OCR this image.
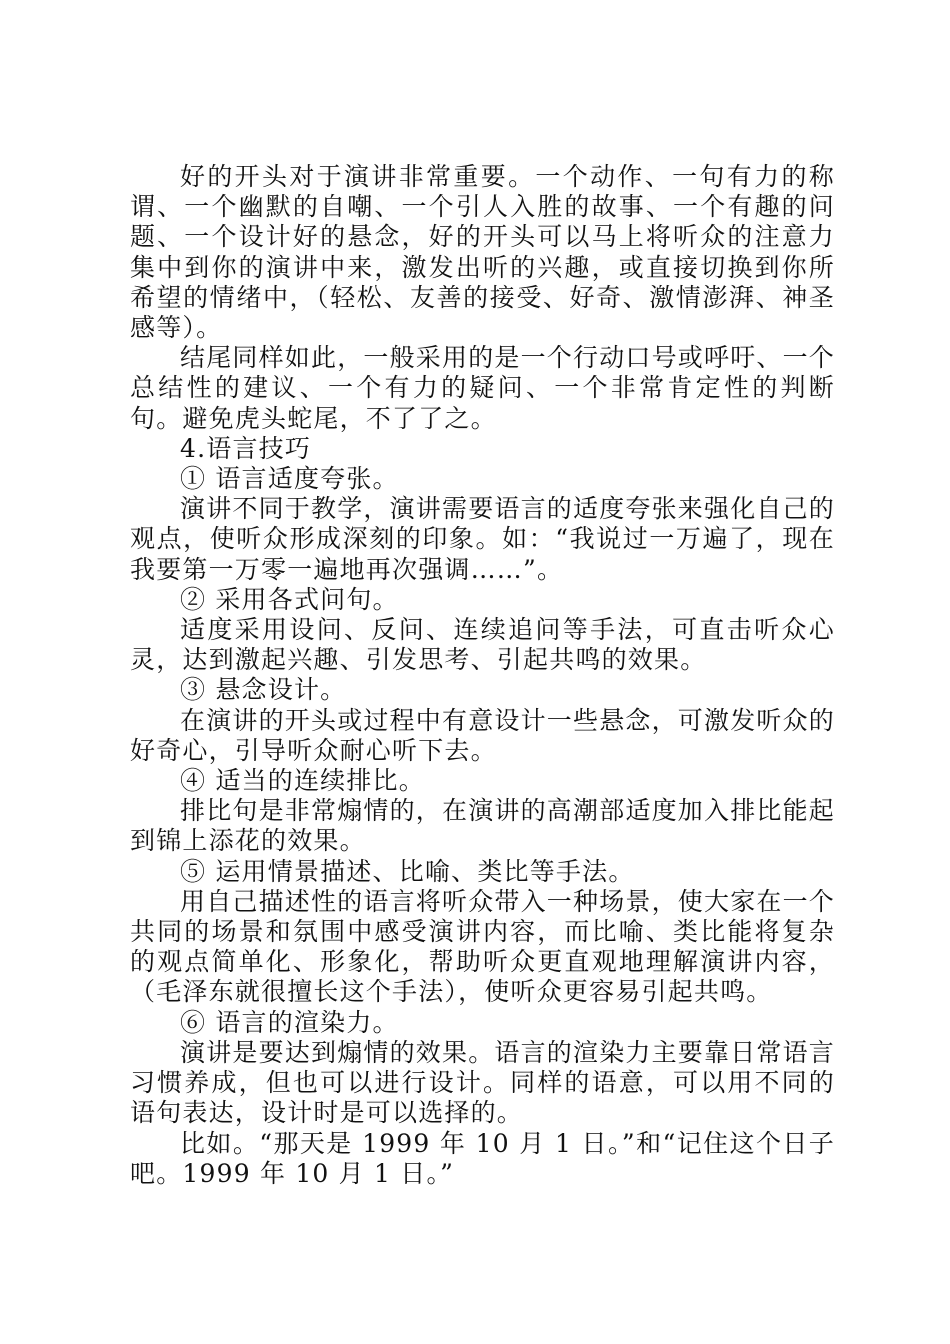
好的开头对于演讲非常重要。一个动作、一句有力的称谓、一个幽默的自嘲、一个引人入胜的故事、一个有趣的问题、一个设计好的悬念，好的开头可以马上将听众的注意力集中到你的演讲中来，激发出听的兴趣，或直接切换到你所希望的情绪中，（轻松、友善的接受、好奇、激情澎湃、神圣感等）。

结尾同样如此，一般采用的是一个行动口号或呼吁、一个总结性的建议、一个有力的疑问、一个非常肯定性的判断句。避免虎头蛇尾，不了了之。

4.语言技巧

① 语言适度夸张。

演讲不同于教学，演讲需要语言的适度夸张来强化自己的观点，使听众形成深刻的印象。如：“我说过一万遍了，现在我要第一万零一遍地再次强调……”。

② 采用各式问句。

适度采用设问、反问、连续追问等手法，可直击听众心灵，达到激起兴趣、引发思考、引起共鸣的效果。

③ 悬念设计。

在演讲的开头或过程中有意设计一些悬念，可激发听众的好奇心，引导听众耐心听下去。

④ 适当的连续排比。

排比句是非常煽情的，在演讲的高潮部适度加入排比能起到锦上添花的效果。

⑤ 运用情景描述、比喻、类比等手法。

用自己描述性的语言将听众带入一种场景，使大家在一个共同的场景和氛围中感受演讲内容，而比喻、类比能将复杂的观点简单化、形象化，帮助听众更直观地理解演讲内容，（毛泽东就很擅长这个手法），使听众更容易引起共鸣。

⑥ 语言的渲染力。

演讲是要达到煽情的效果。语言的渲染力主要靠日常语言习惯养成，但也可以进行设计。同样的语意，可以用不同的语句表达，设计时是可以选择的。

比如。“那天是 1999 年 10 月 1 日。”和“记住这个日子吧。1999 年 10 月 1 日。”
